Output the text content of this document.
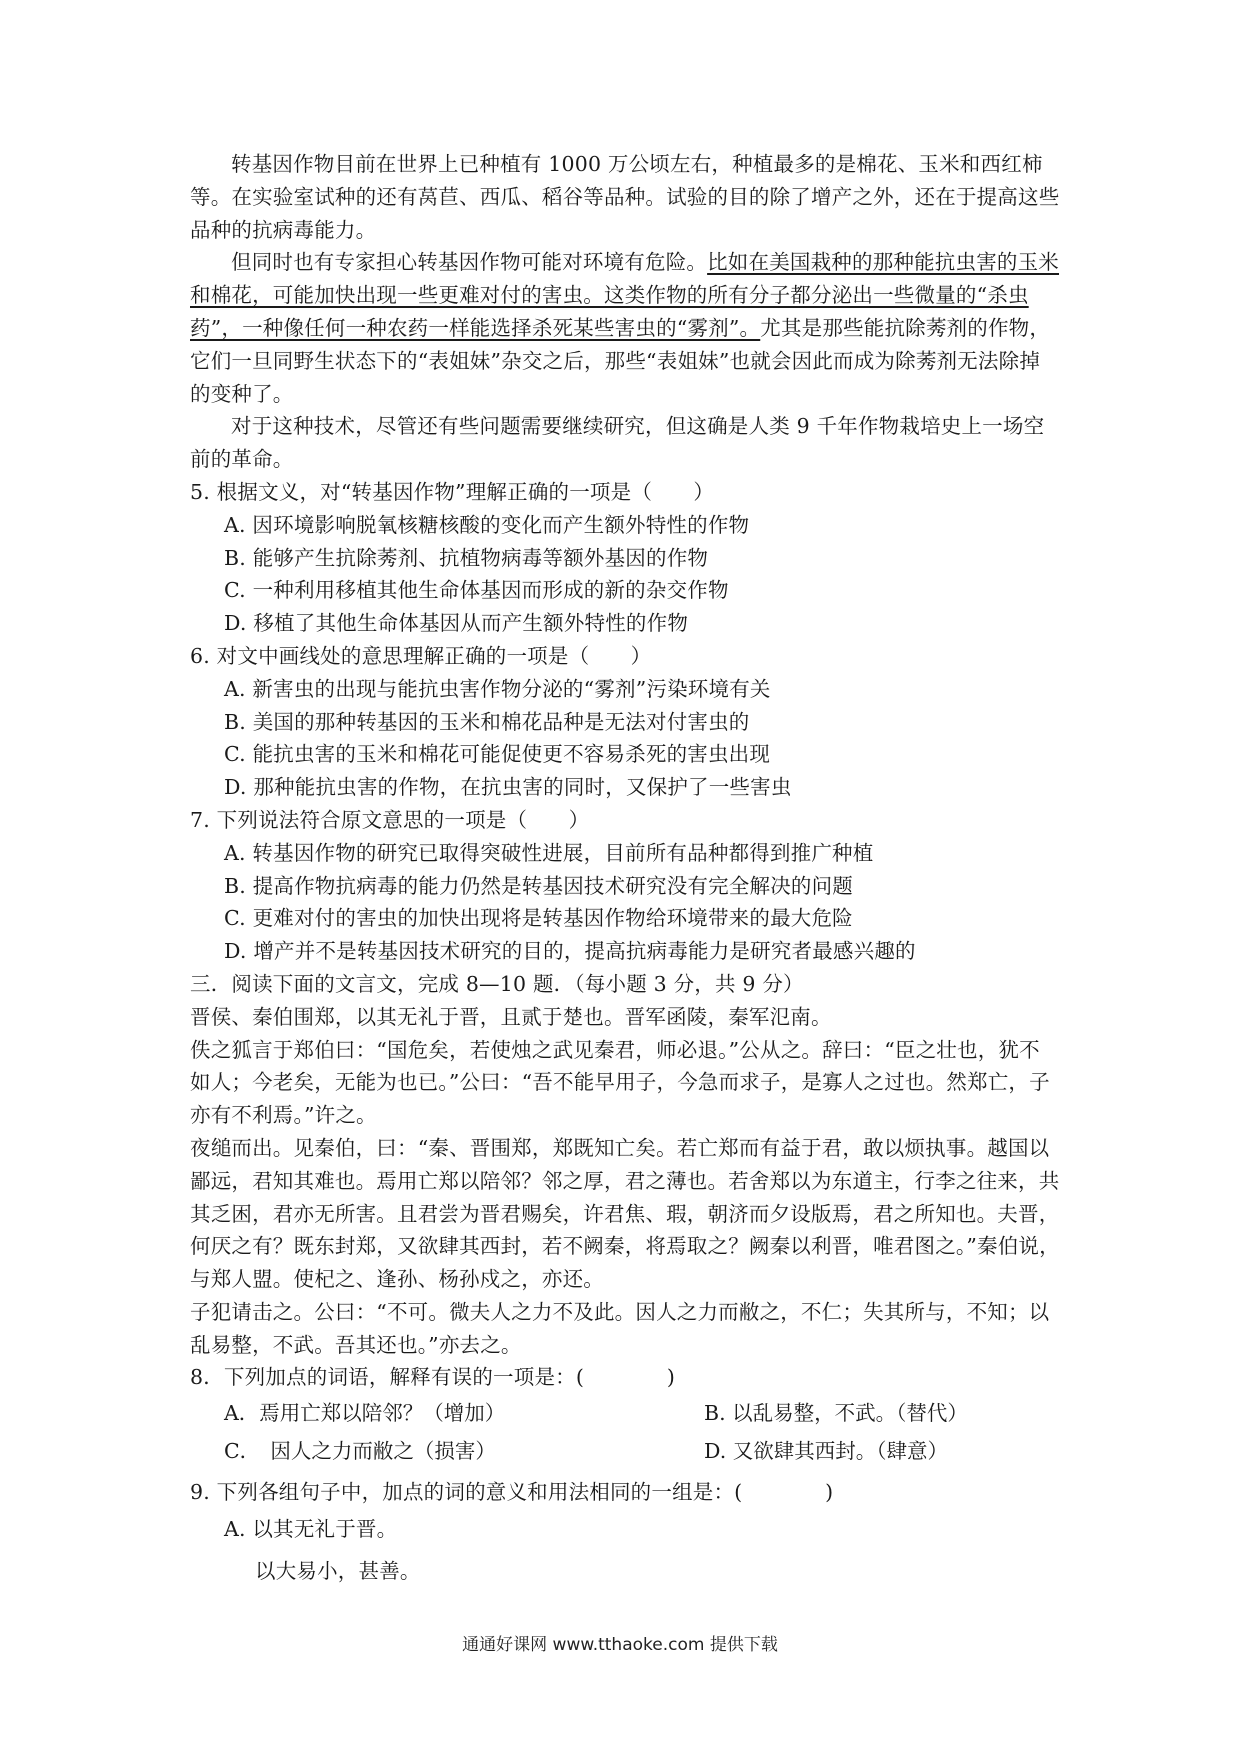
转基因作物目前在世界上已种植有 1000 万公顷左右，种植最多的是棉花、玉米和西红柿等。在实验室试种的还有莴苣、西瓜、稻谷等品种。试验的目的除了增产之外，还在于提高这些品种的抗病毒能力。

但同时也有专家担心转基因作物可能对环境有危险。比如在美国栽种的那种能抗虫害的玉米和棉花，可能加快出现一些更难对付的害虫。这类作物的所有分子都分泌出一些微量的“杀虫药”，一种像任何一种农药一样能选择杀死某些害虫的“雾剂”。尤其是那些能抗除莠剂的作物，它们一旦同野生状态下的“表姐妹”杂交之后，那些“表姐妹”也就会因此而成为除莠剂无法除掉的变种了。

对于这种技术，尽管还有些问题需要继续研究，但这确是人类 9 千年作物栽培史上一场空前的革命。

5. 根据文义，对“转基因作物”理解正确的一项是（　　）

A. 因环境影响脱氧核糖核酸的变化而产生额外特性的作物

B. 能够产生抗除莠剂、抗植物病毒等额外基因的作物

C. 一种利用移植其他生命体基因而形成的新的杂交作物

D. 移植了其他生命体基因从而产生额外特性的作物

6. 对文中画线处的意思理解正确的一项是（　　）

A. 新害虫的出现与能抗虫害作物分泌的“雾剂”污染环境有关

B. 美国的那种转基因的玉米和棉花品种是无法对付害虫的

C. 能抗虫害的玉米和棉花可能促使更不容易杀死的害虫出现

D. 那种能抗虫害的作物，在抗虫害的同时，又保护了一些害虫

7. 下列说法符合原文意思的一项是（　　）

A. 转基因作物的研究已取得突破性进展，目前所有品种都得到推广种植

B. 提高作物抗病毒的能力仍然是转基因技术研究没有完全解决的问题

C. 更难对付的害虫的加快出现将是转基因作物给环境带来的最大危险

D. 增产并不是转基因技术研究的目的，提高抗病毒能力是研究者最感兴趣的

三．阅读下面的文言文，完成 8—10 题．（每小题 3 分，共 9 分）

晋侯、秦伯围郑，以其无礼于晋，且贰于楚也。晋军函陵，秦军氾南。

佚之狐言于郑伯曰：“国危矣，若使烛之武见秦君，师必退。”公从之。辞曰：“臣之壮也，犹不如人；今老矣，无能为也已。”公曰：“吾不能早用子，今急而求子，是寡人之过也。然郑亡，子亦有不利焉。”许之。

夜缒而出。见秦伯，曰：“秦、晋围郑，郑既知亡矣。若亡郑而有益于君，敢以烦执事。越国以鄙远，君知其难也。焉用亡郑以陪邻？邻之厚，君之薄也。若舍郑以为东道主，行李之往来，共其乏困，君亦无所害。且君尝为晋君赐矣，许君焦、瑕，朝济而夕设版焉，君之所知也。夫晋，何厌之有？既东封郑，又欲肆其西封，若不阙秦，将焉取之？阙秦以利晋，唯君图之。”秦伯说，与郑人盟。使杞之、逢孙、杨孙戍之，亦还。

子犯请击之。公曰：“不可。微夫人之力不及此。因人之力而敝之，不仁；失其所与，不知；以乱易整，不武。吾其还也。”亦去之。

8．下列加点的词语，解释有误的一项是：(　　　　)

A．焉用亡郑以陪邻？（增加）	B. 以乱易整，不武。（替代）
C．　因人之力而敝之（损害）	D. 又欲肆其西封。（肆意）

9. 下列各组句子中，加点的词的意义和用法相同的一组是：(　　　　)

A. 以其无礼于晋。

以大易小，甚善。

通通好课网 www.tthaoke.com 提供下载
